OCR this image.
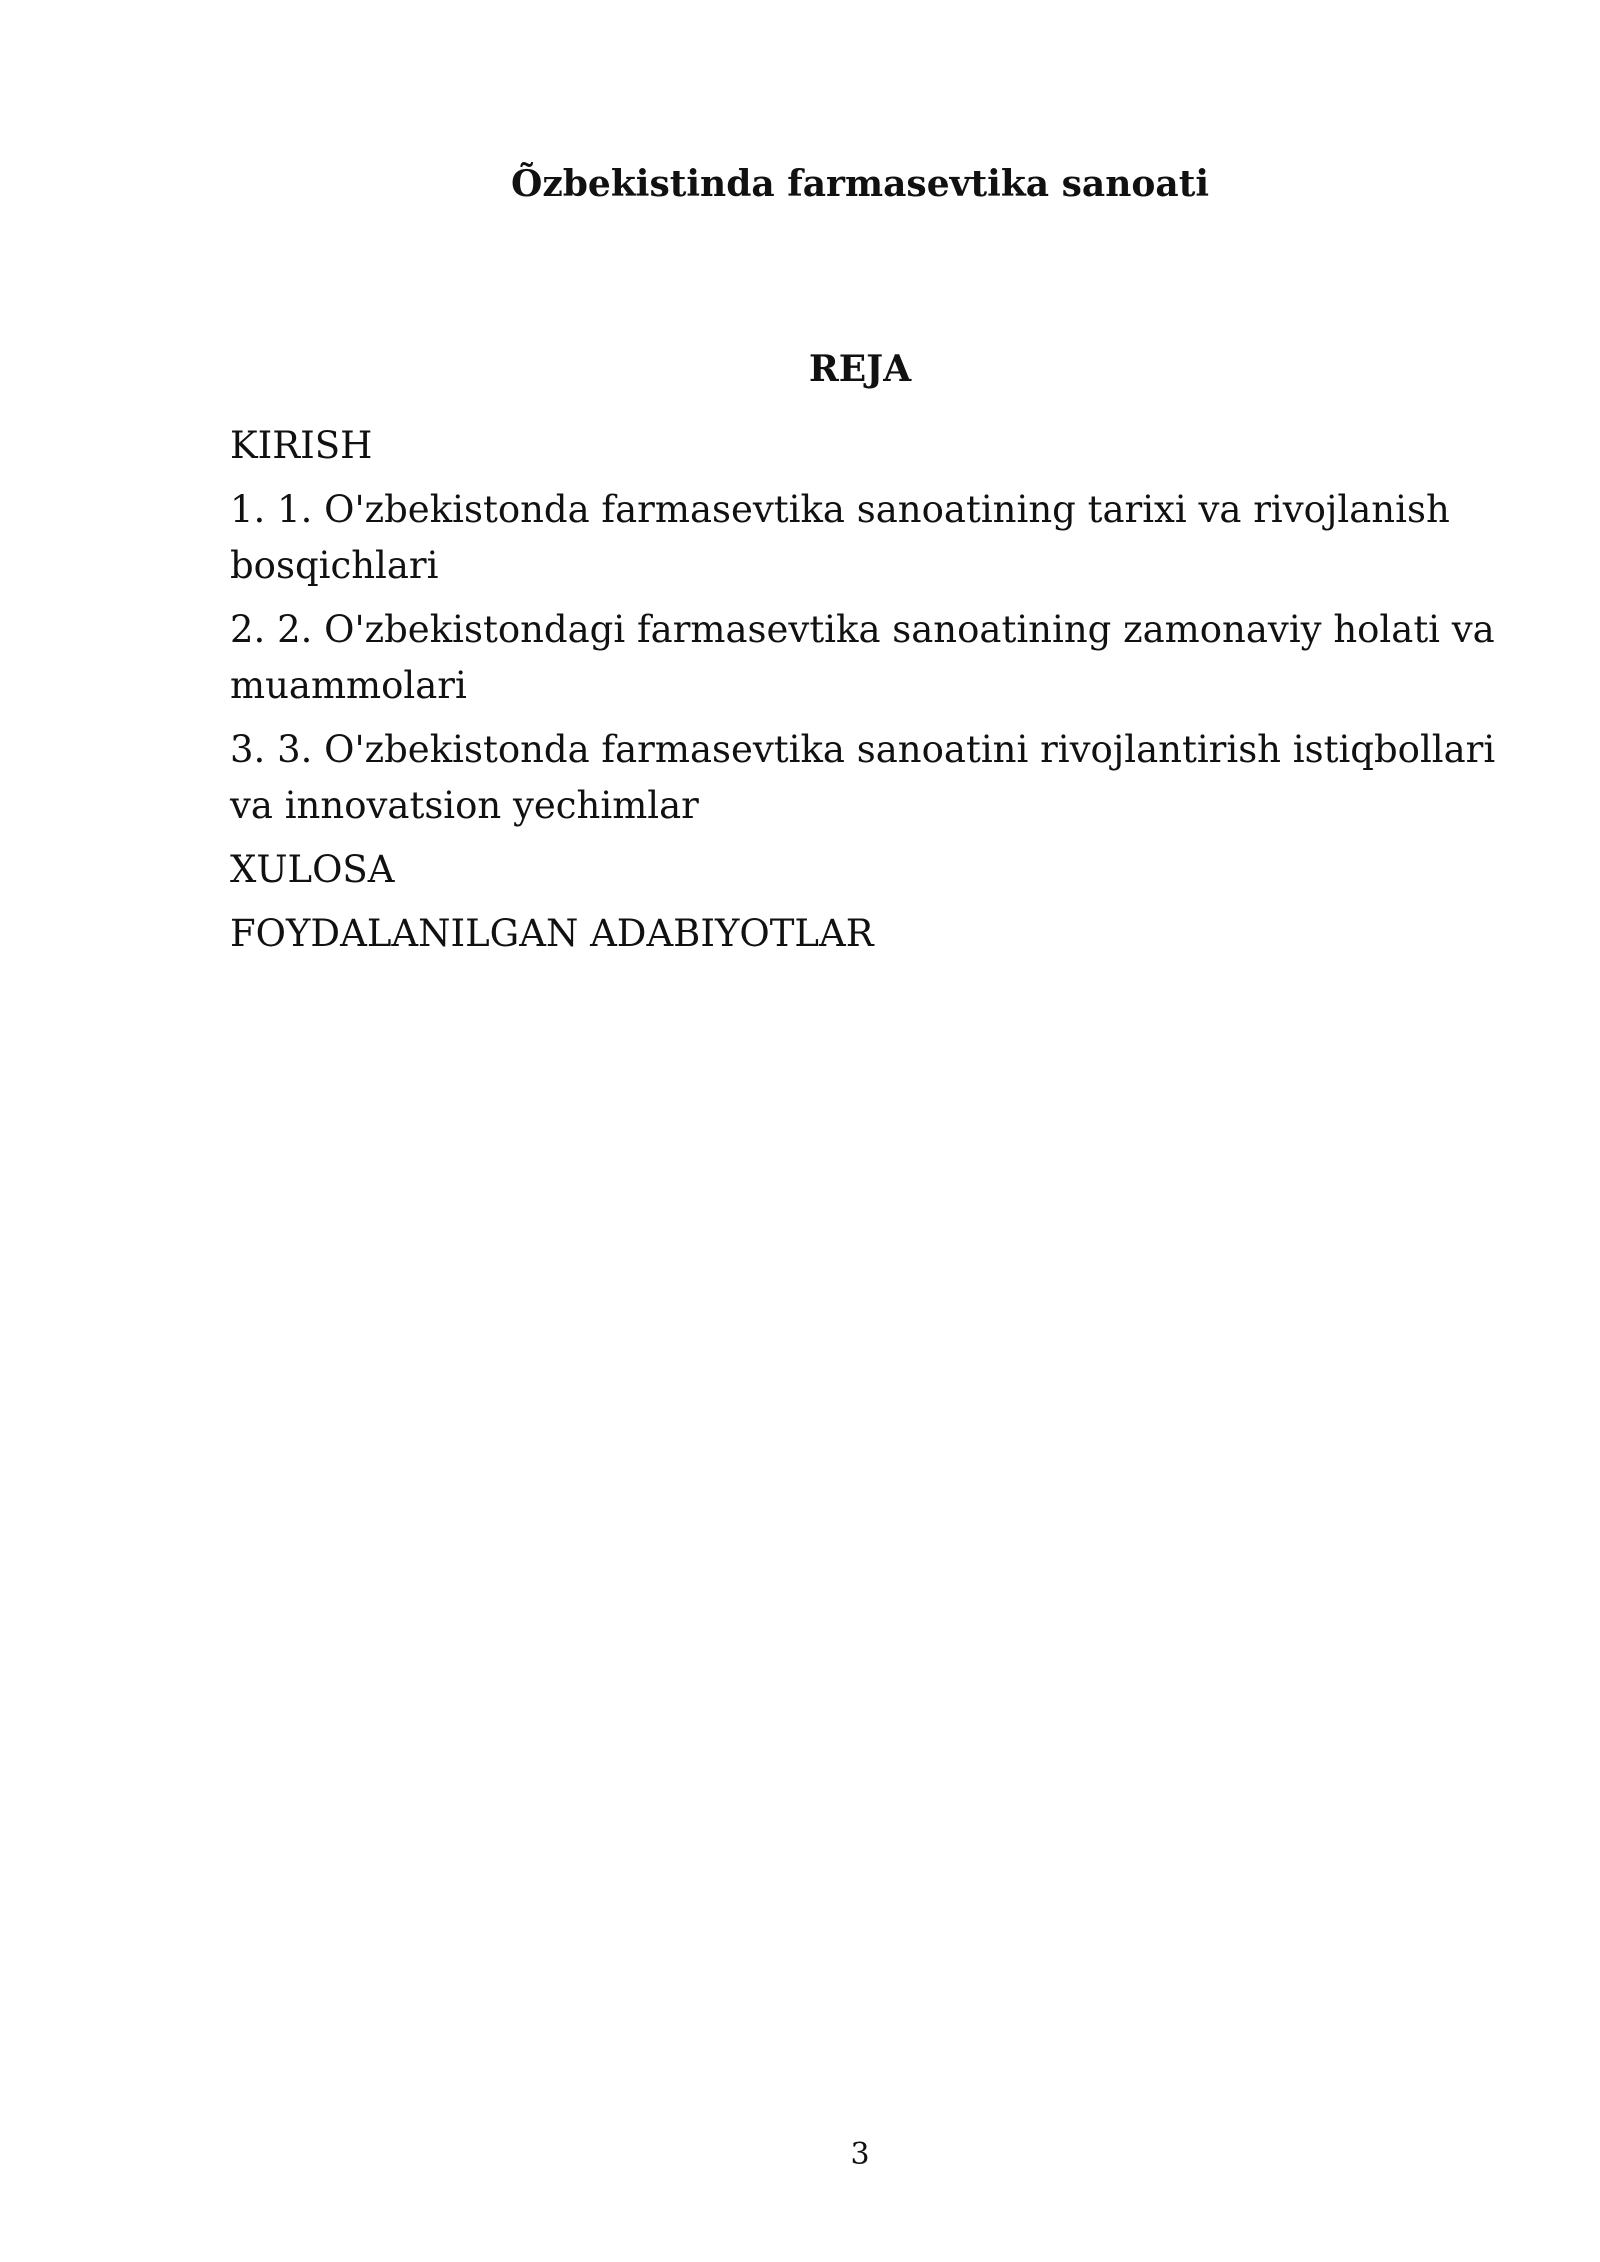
Õzbekistinda farmasevtika sanoati
REJA
KIRISH
1. 1. O'zbekistonda farmasevtika sanoatining tarixi va rivojlanish bosqichlari
2. 2. O'zbekistondagi farmasevtika sanoatining zamonaviy holati va muammolari
3. 3. O'zbekistonda farmasevtika sanoatini rivojlantirish istiqbollari va innovatsion yechimlar
XULOSA
FOYDALANILGAN ADABIYOTLAR
3
